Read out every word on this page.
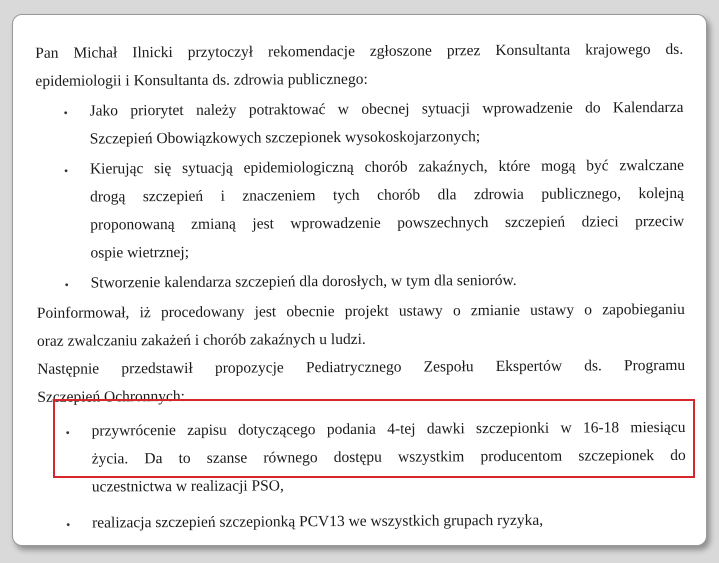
Pan Michał Ilnicki przytoczył rekomendacje zgłoszone przez Konsultanta krajowego ds.
epidemiologii i Konsultanta ds. zdrowia publicznego:
• Jako priorytet należy potraktować w obecnej sytuacji wprowadzenie do Kalendarza
Szczepień Obowiązkowych szczepionek wysokoskojarzonych;
• Kierując się sytuacją epidemiologiczną chorób zakaźnych, które mogą być zwalczane
drogą szczepień i znaczeniem tych chorób dla zdrowia publicznego, kolejną
proponowaną zmianą jest wprowadzenie powszechnych szczepień dzieci przeciw
ospie wietrznej;
• Stworzenie kalendarza szczepień dla dorosłych, w tym dla seniorów.
Poinformował, iż procedowany jest obecnie projekt ustawy o zmianie ustawy o zapobieganiu
oraz zwalczaniu zakażeń i chorób zakaźnych u ludzi.
Następnie przedstawił propozycje Pediatrycznego Zespołu Ekspertów ds. Programu
Szczepień Ochronnych:
• przywrócenie zapisu dotyczącego podania 4-tej dawki szczepionki w 16-18 miesiącu
życia. Da to szanse równego dostępu wszystkim producentom szczepionek do
uczestnictwa w realizacji PSO,
• realizacja szczepień szczepionką PCV13 we wszystkich grupach ryzyka,
